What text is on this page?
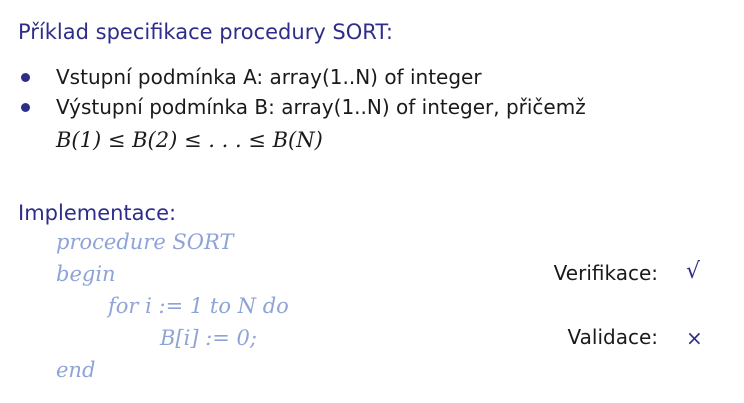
Příklad specifikace procedury SORT:
Vstupní podmínka A: array(1..N) of integer
Výstupní podmínka B: array(1..N) of integer, přičemž
B(1) ≤ B(2) ≤ . . . ≤ B(N)
Implementace:
procedure SORT
begin
for i := 1 to N do
B[i] := 0;
end
Verifikace: √
Validace: ×
